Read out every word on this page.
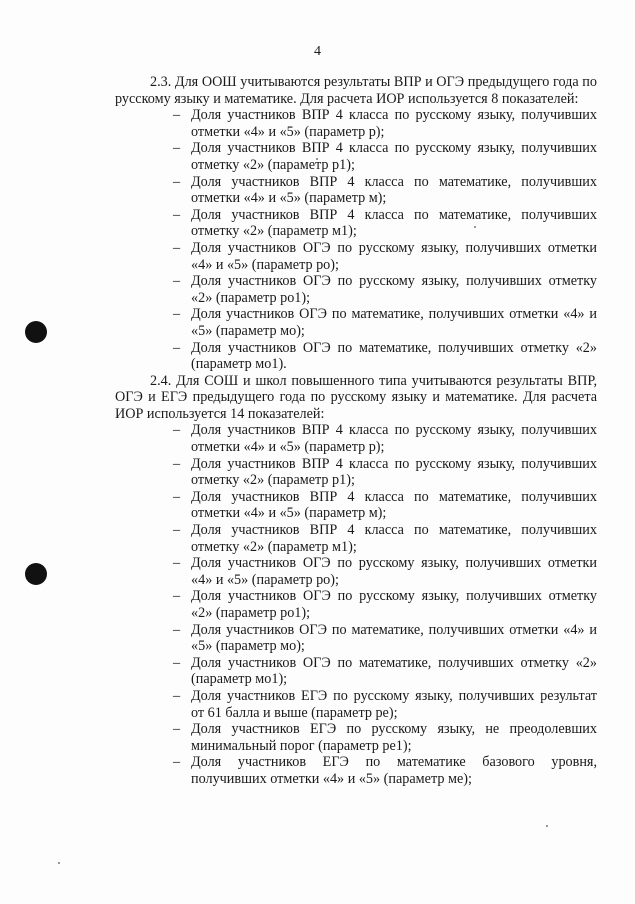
4

2.3. Для ООШ учитываются результаты ВПР и ОГЭ предыдущего года по русскому языку и математике. Для расчета ИОР используется 8 показателей:

– Доля участников ВПР 4 класса по русскому языку, получивших отметки «4» и «5» (параметр р);
– Доля участников ВПР 4 класса по русскому языку, получивших отметку «2» (параметр р1);
– Доля участников ВПР 4 класса по математике, получивших отметки «4» и «5» (параметр м);
– Доля участников ВПР 4 класса по математике, получивших отметку «2» (параметр м1);
– Доля участников ОГЭ по русскому языку, получивших отметки «4» и «5» (параметр ро);
– Доля участников ОГЭ по русскому языку, получивших отметку «2» (параметр ро1);
– Доля участников ОГЭ по математике, получивших отметки «4» и «5» (параметр мо);
– Доля участников ОГЭ по математике, получивших отметку «2» (параметр мо1).

2.4. Для СОШ и школ повышенного типа учитываются результаты ВПР, ОГЭ и ЕГЭ предыдущего года по русскому языку и математике. Для расчета ИОР используется 14 показателей:

– Доля участников ВПР 4 класса по русскому языку, получивших отметки «4» и «5» (параметр р);
– Доля участников ВПР 4 класса по русскому языку, получивших отметку «2» (параметр р1);
– Доля участников ВПР 4 класса по математике, получивших отметки «4» и «5» (параметр м);
– Доля участников ВПР 4 класса по математике, получивших отметку «2» (параметр м1);
– Доля участников ОГЭ по русскому языку, получивших отметки «4» и «5» (параметр ро);
– Доля участников ОГЭ по русскому языку, получивших отметку «2» (параметр ро1);
– Доля участников ОГЭ по математике, получивших отметки «4» и «5» (параметр мо);
– Доля участников ОГЭ по математике, получивших отметку «2» (параметр мо1);
– Доля участников ЕГЭ по русскому языку, получивших результат от 61 балла и выше (параметр ре);
– Доля участников ЕГЭ по русскому языку, не преодолевших минимальный порог (параметр ре1);
– Доля участников ЕГЭ по математике базового уровня, получивших отметки «4» и «5» (параметр ме);
